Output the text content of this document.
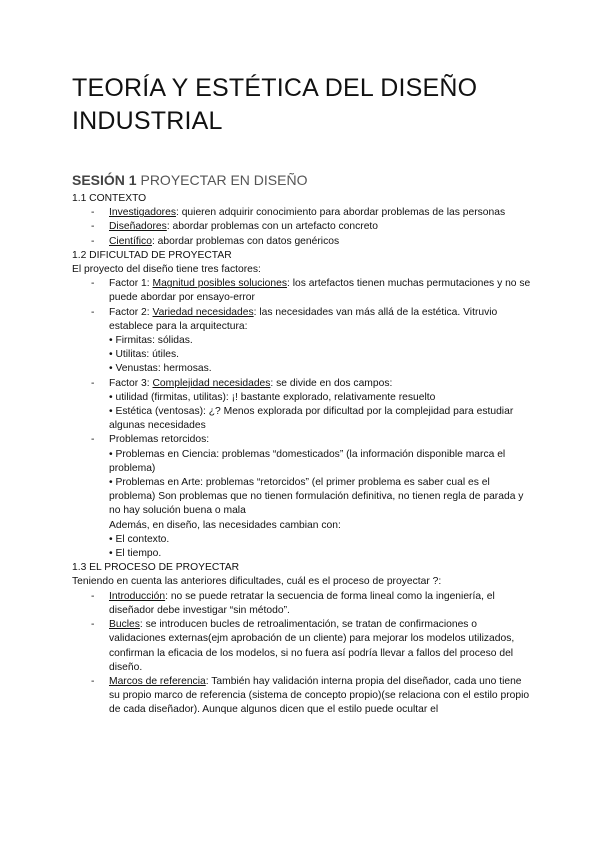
TEORÍA Y ESTÉTICA DEL DISEÑO INDUSTRIAL
SESIÓN 1 PROYECTAR EN DISEÑO

1.1 CONTEXTO

- Investigadores: quieren adquirir conocimiento para abordar problemas de las personas
- Diseñadores: abordar problemas con un artefacto concreto
- Científico: abordar problemas con datos genéricos

1.2 DIFICULTAD DE PROYECTAR

El proyecto del diseño tiene tres factores:

- Factor 1: Magnitud posibles soluciones: los artefactos tienen muchas permutaciones y no se puede abordar por ensayo-error
- Factor 2: Variedad necesidades: las necesidades van más allá de la estética. Vitruvio establece para la arquitectura:

• Firmitas: sólidas.

• Utilitas: útiles.

• Venustas: hermosas.

- Factor 3: Complejidad necesidades: se divide en dos campos:

• utilidad (firmitas, utilitas): ¡! bastante explorado, relativamente resuelto

• Estética (ventosas): ¿? Menos explorada por dificultad por la complejidad para estudiar algunas necesidades

- Problemas retorcidos:

• Problemas en Ciencia: problemas “domesticados” (la información disponible marca el problema)

• Problemas en Arte: problemas “retorcidos” (el primer problema es saber cual es el problema) Son problemas que no tienen formulación definitiva, no tienen regla de parada y no hay solución buena o mala

Además, en diseño, las necesidades cambian con:

• El contexto.

• El tiempo.

1.3 EL PROCESO DE PROYECTAR

Teniendo en cuenta las anteriores dificultades, cuál es el proceso de proyectar ?:

- Introducción: no se puede retratar la secuencia de forma lineal como la ingeniería, el diseñador debe investigar “sin método”.
- Bucles: se introducen bucles de retroalimentación, se tratan de confirmaciones o validaciones externas(ejm aprobación de un cliente) para mejorar los modelos utilizados, confirman la eficacia de los modelos, si no fuera así podría llevar a fallos del proceso del diseño.
- Marcos de referencia: También hay validación interna propia del diseñador, cada uno tiene su propio marco de referencia (sistema de concepto propio)(se relaciona con el estilo propio de cada diseñador). Aunque algunos dicen que el estilo puede ocultar el
